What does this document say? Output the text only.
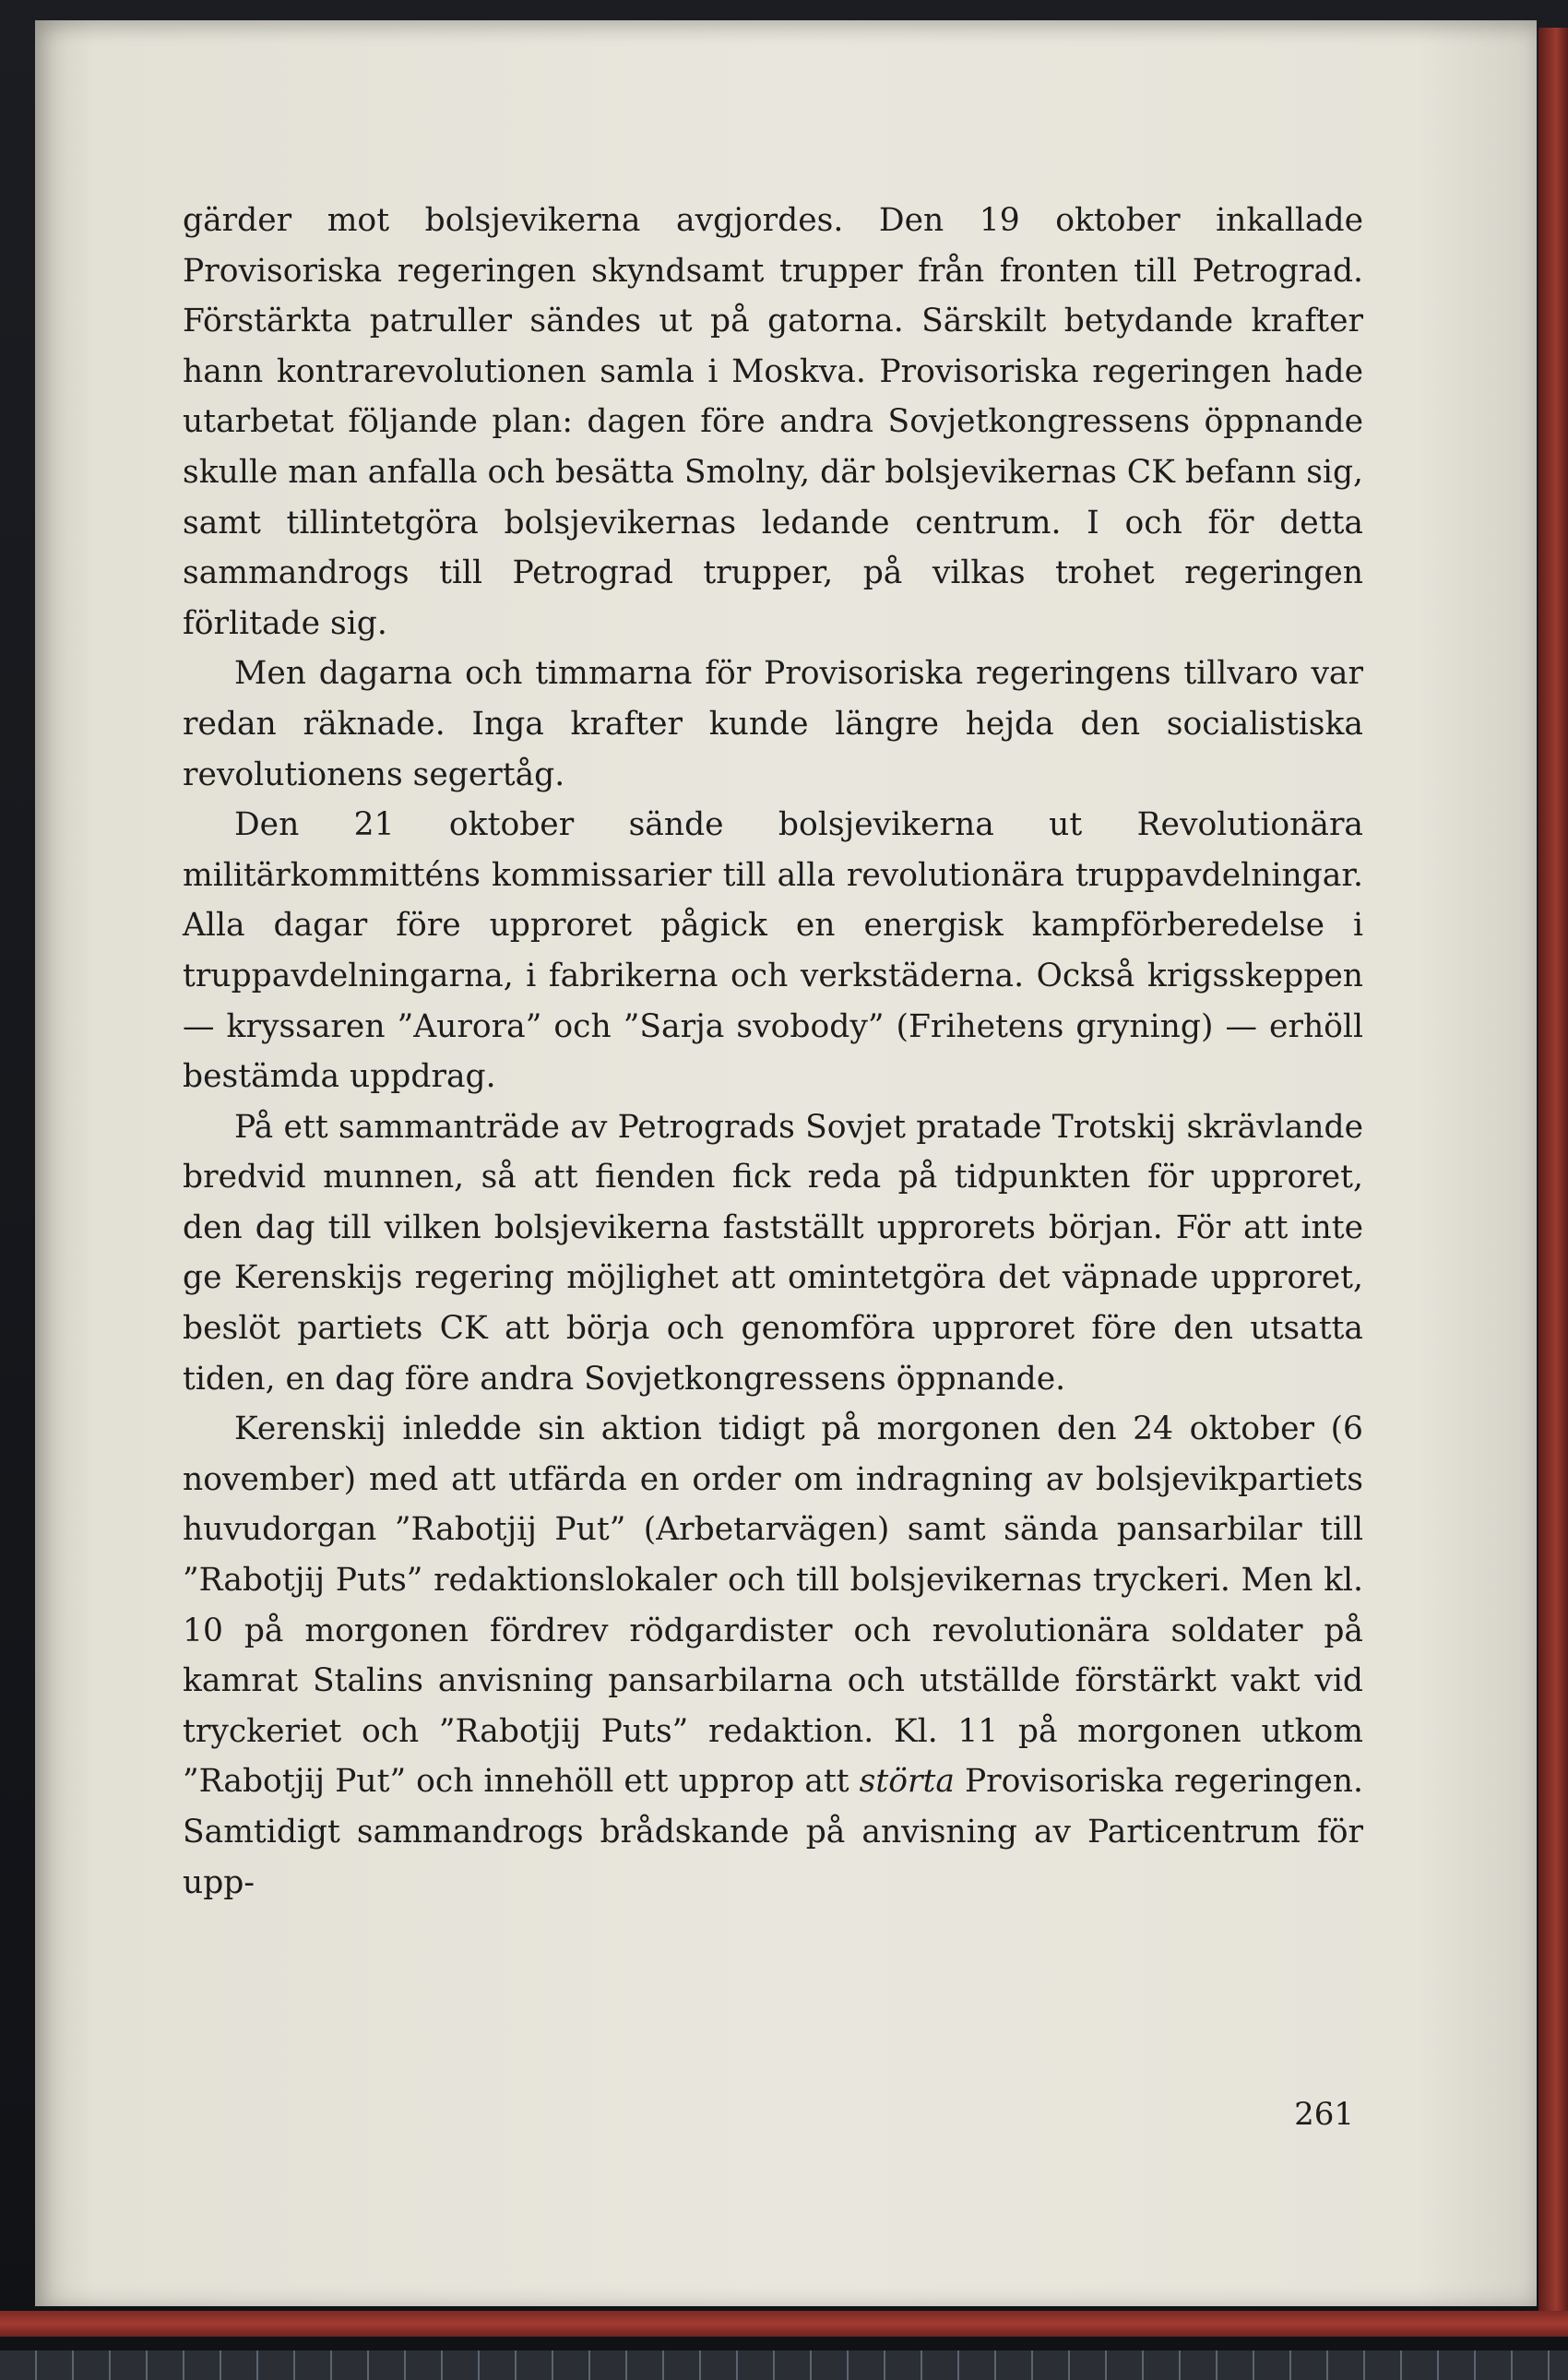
gärder mot bolsjevikerna avgjordes. Den 19 oktober inkallade Provisoriska regeringen skyndsamt trupper från fronten till Petrograd. Förstärkta patruller sändes ut på gatorna. Särskilt betydande krafter hann kontrarevolutionen samla i Moskva. Provisoriska regeringen hade utarbetat följande plan: dagen före andra Sovjetkongressens öppnande skulle man anfalla och besätta Smolny, där bolsjevikernas CK befann sig, samt tillintetgöra bolsjevikernas ledande centrum. I och för detta sammandrogs till Petrograd trupper, på vilkas trohet regeringen förlitade sig.

Men dagarna och timmarna för Provisoriska regeringens tillvaro var redan räknade. Inga krafter kunde längre hejda den socialistiska revolutionens segertåg.

Den 21 oktober sände bolsjevikerna ut Revolutionära militärkommitténs kommissarier till alla revolutionära truppavdelningar. Alla dagar före upproret pågick en energisk kampförberedelse i truppavdelningarna, i fabrikerna och verkstäderna. Också krigsskeppen — kryssaren ”Aurora” och ”Sarja svobody” (Frihetens gryning) — erhöll bestämda uppdrag.

På ett sammanträde av Petrograds Sovjet pratade Trotskij skrävlande bredvid munnen, så att fienden fick reda på tidpunkten för upproret, den dag till vilken bolsjevikerna fastställt upprorets början. För att inte ge Kerenskijs regering möjlighet att omintetgöra det väpnade upproret, beslöt partiets CK att börja och genomföra upproret före den utsatta tiden, en dag före andra Sovjetkongressens öppnande.

Kerenskij inledde sin aktion tidigt på morgonen den 24 oktober (6 november) med att utfärda en order om indragning av bolsjevikpartiets huvudorgan ”Rabotjij Put” (Arbetarvägen) samt sända pansarbilar till ”Rabotjij Puts” redaktionslokaler och till bolsjevikernas tryckeri. Men kl. 10 på morgonen fördrev rödgardister och revolutionära soldater på kamrat Stalins anvisning pansarbilarna och utställde förstärkt vakt vid tryckeriet och ”Rabotjij Puts” redaktion. Kl. 11 på morgonen utkom ”Rabotjij Put” och innehöll ett upprop att störta Provisoriska regeringen. Samtidigt sammandrogs brådskande på anvisning av Particentrum för upp-

261
